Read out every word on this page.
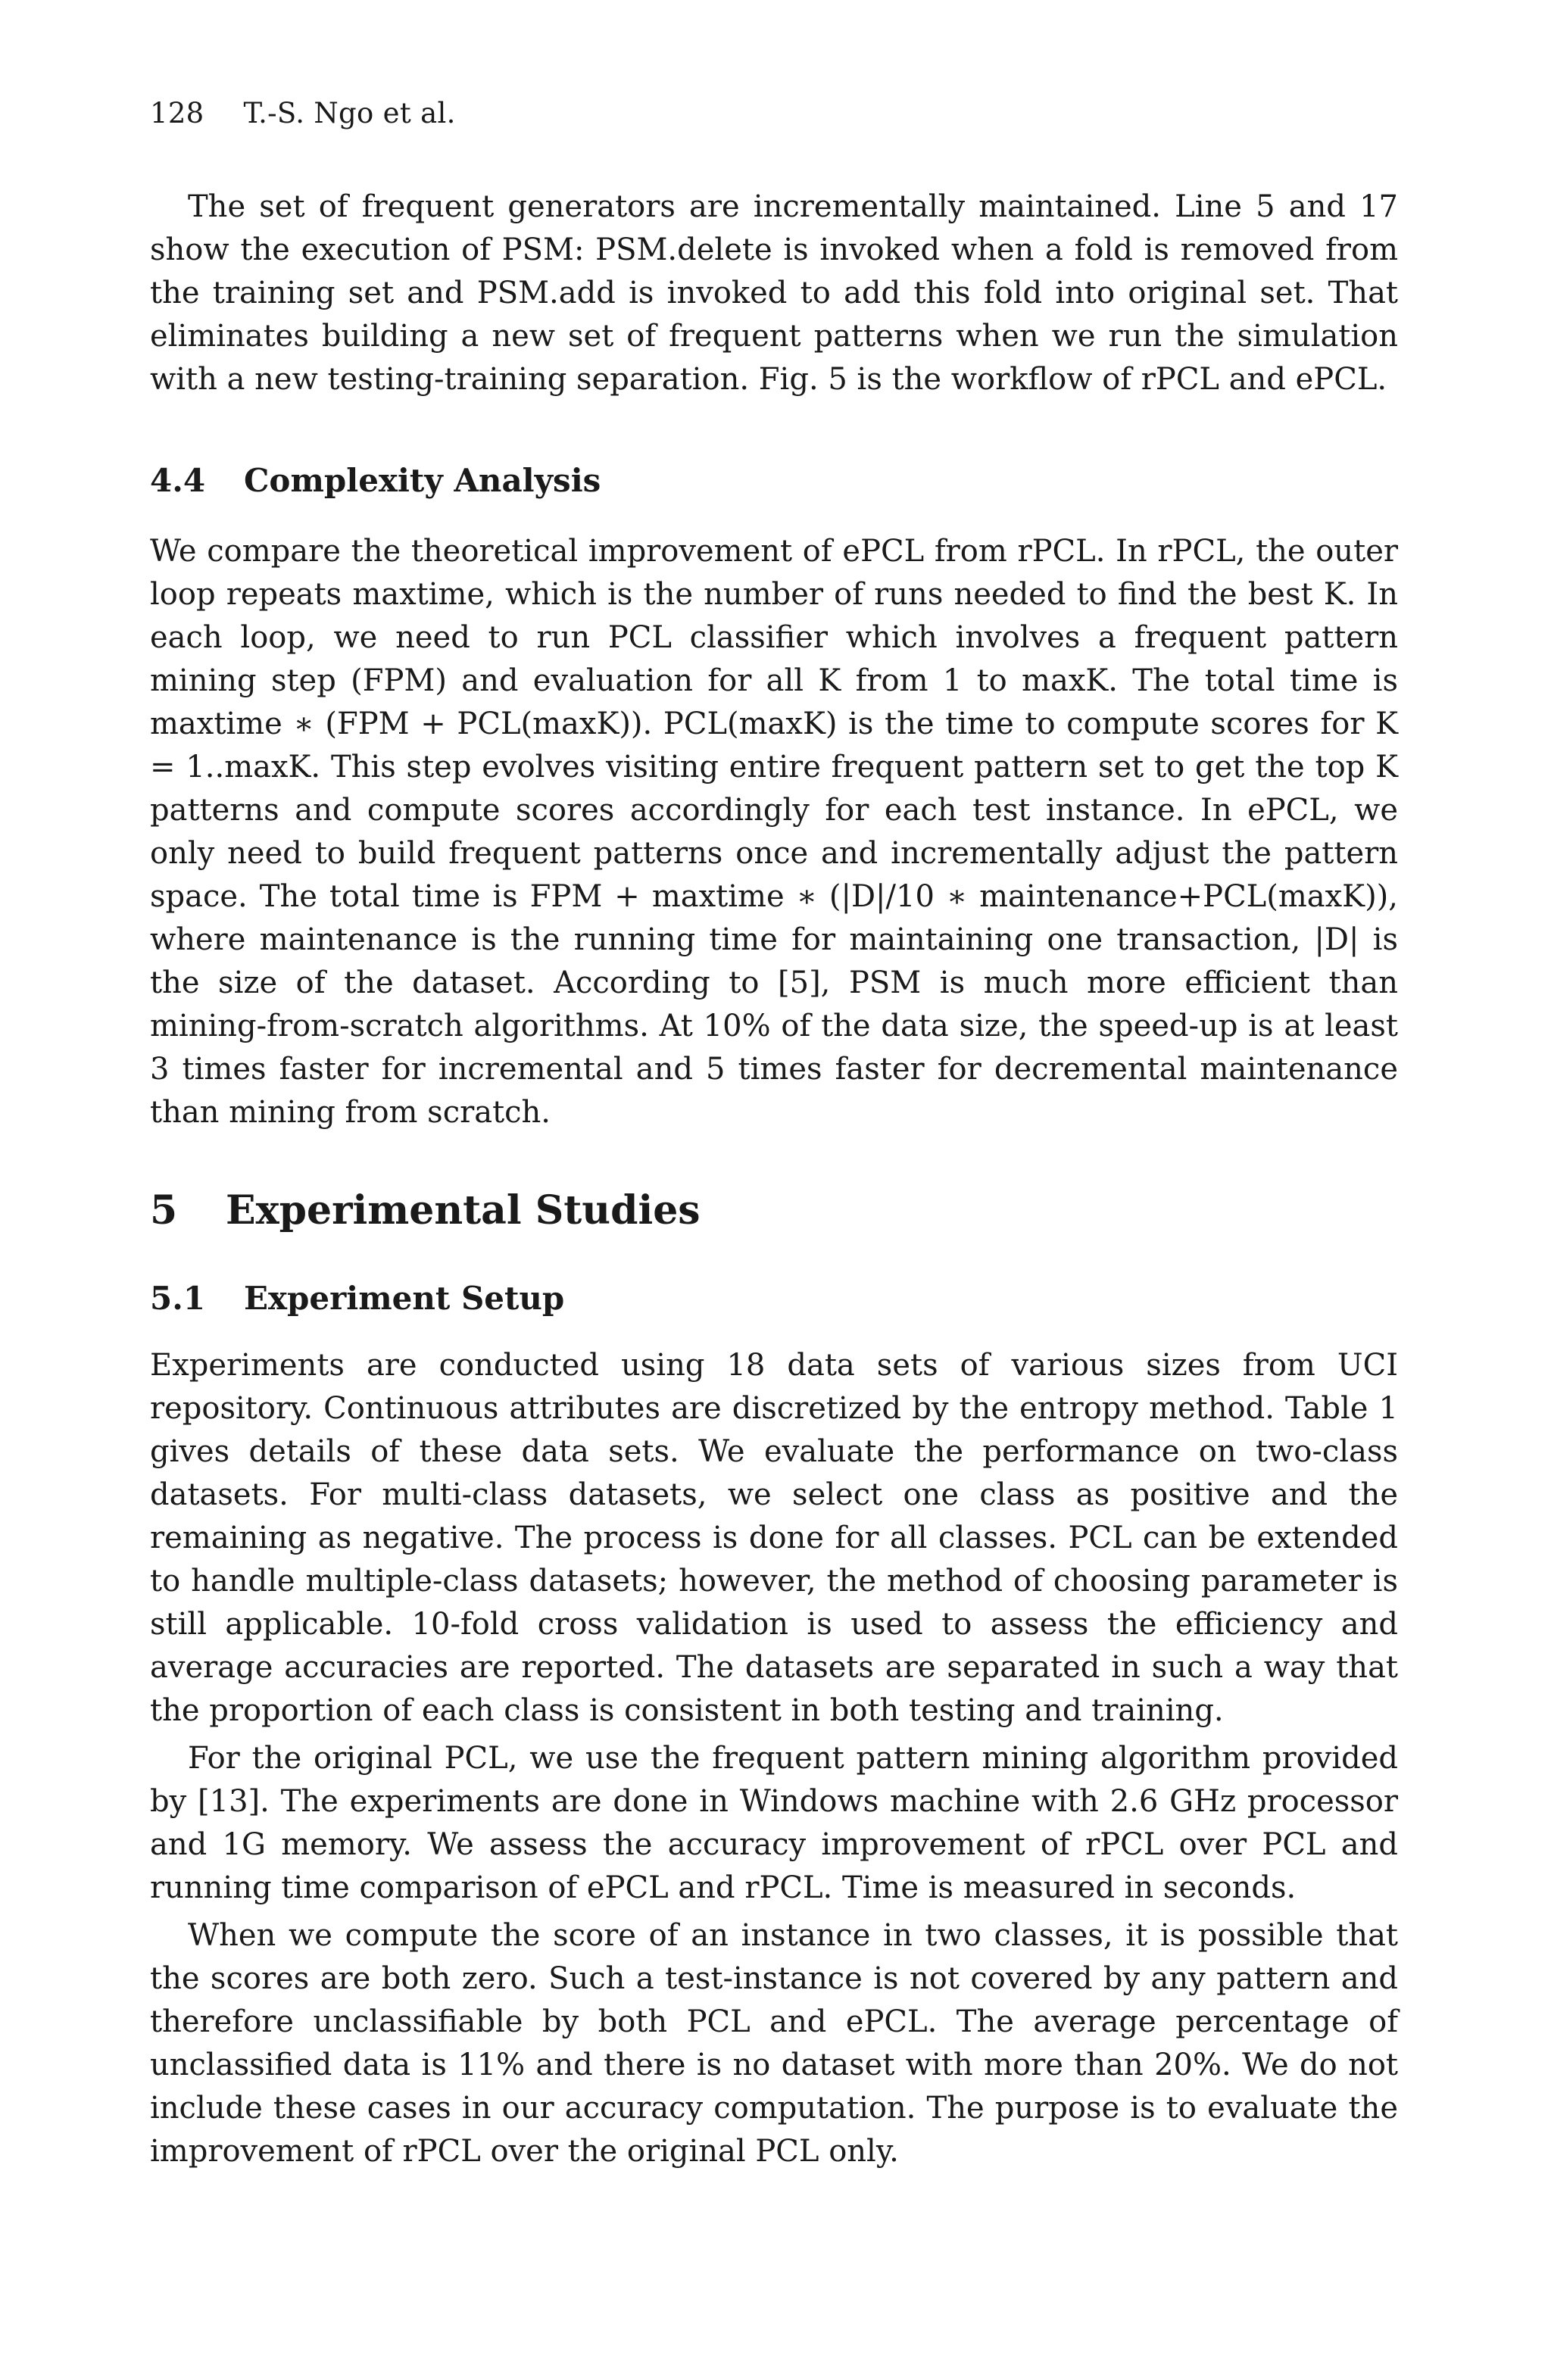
128 T.-S. Ngo et al.

The set of frequent generators are incrementally maintained. Line 5 and 17 show the execution of PSM: PSM.delete is invoked when a fold is removed from the training set and PSM.add is invoked to add this fold into original set. That eliminates building a new set of frequent patterns when we run the simulation with a new testing-training separation. Fig. 5 is the workflow of rPCL and ePCL.

4.4 Complexity Analysis

We compare the theoretical improvement of ePCL from rPCL. In rPCL, the outer loop repeats maxtime, which is the number of runs needed to find the best K. In each loop, we need to run PCL classifier which involves a frequent pattern mining step (FPM) and evaluation for all K from 1 to maxK. The total time is maxtime ∗ (FPM + PCL(maxK)). PCL(maxK) is the time to compute scores for K = 1..maxK. This step evolves visiting entire frequent pattern set to get the top K patterns and compute scores accordingly for each test instance. In ePCL, we only need to build frequent patterns once and incrementally adjust the pattern space. The total time is FPM + maxtime ∗ (|D|/10 ∗ maintenance+PCL(maxK)), where maintenance is the running time for maintaining one transaction, |D| is the size of the dataset. According to [5], PSM is much more efficient than mining-from-scratch algorithms. At 10% of the data size, the speed-up is at least 3 times faster for incremental and 5 times faster for decremental maintenance than mining from scratch.

5 Experimental Studies
5.1 Experiment Setup

Experiments are conducted using 18 data sets of various sizes from UCI repository. Continuous attributes are discretized by the entropy method. Table 1 gives details of these data sets. We evaluate the performance on two-class datasets. For multi-class datasets, we select one class as positive and the remaining as negative. The process is done for all classes. PCL can be extended to handle multiple-class datasets; however, the method of choosing parameter is still applicable. 10-fold cross validation is used to assess the efficiency and average accuracies are reported. The datasets are separated in such a way that the proportion of each class is consistent in both testing and training.

For the original PCL, we use the frequent pattern mining algorithm provided by [13]. The experiments are done in Windows machine with 2.6 GHz processor and 1G memory. We assess the accuracy improvement of rPCL over PCL and running time comparison of ePCL and rPCL. Time is measured in seconds.

When we compute the score of an instance in two classes, it is possible that the scores are both zero. Such a test-instance is not covered by any pattern and therefore unclassifiable by both PCL and ePCL. The average percentage of unclassified data is 11% and there is no dataset with more than 20%. We do not include these cases in our accuracy computation. The purpose is to evaluate the improvement of rPCL over the original PCL only.
